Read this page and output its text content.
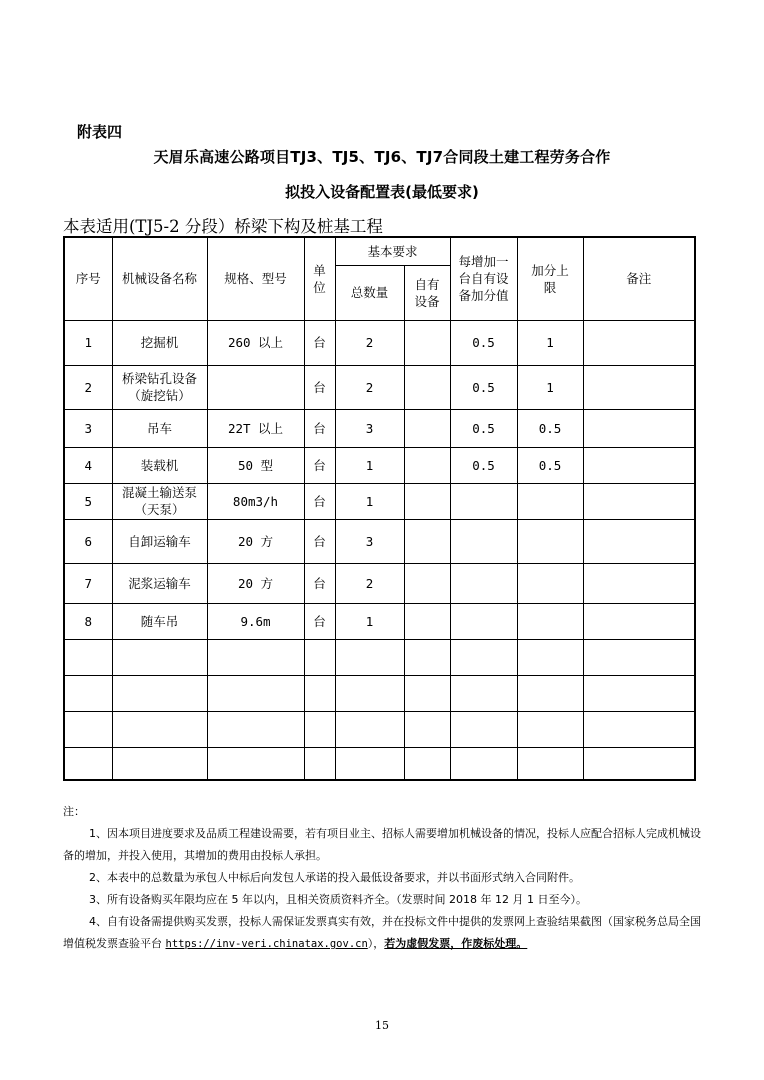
附表四
天眉乐高速公路项目TJ3、TJ5、TJ6、TJ7合同段土建工程劳务合作
拟投入设备配置表(最低要求)
本表适用(TJ5-2 分段）桥梁下构及桩基工程
序号	机械设备名称	规格、型号	单位	基本要求		每增加一台自有设备加分值	加分上限	备注
				总数量	自有设备			

1	挖掘机	260 以上	台	2		0.5	1	
2	桥梁钻孔设备（旋挖钻）		台	2		0.5	1	
3	吊车	22T 以上	台	3		0.5	0.5	
4	装载机	50 型	台	1		0.5	0.5	
5	混凝土输送泵（天泵）	80m3/h	台	1				
6	自卸运输车	20 方	台	3				
7	泥浆运输车	20 方	台	2				
8	随车吊	9.6m	台	1				

注：

1、因本项目进度要求及品质工程建设需要，若有项目业主、招标人需要增加机械设备的情况，投标人应配合招标人完成机械设备的增加，并投入使用，其增加的费用由投标人承担。

2、本表中的总数量为承包人中标后向发包人承诺的投入最低设备要求，并以书面形式纳入合同附件。

3、所有设备购买年限均应在 5 年以内，且相关资质资料齐全。（发票时间 2018 年 12 月 1 日至今）。

4、自有设备需提供购买发票，投标人需保证发票真实有效，并在投标文件中提供的发票网上查验结果截图（国家税务总局全国增值税发票查验平台 https://inv-veri.chinatax.gov.cn），若为虚假发票，作废标处理。

15
